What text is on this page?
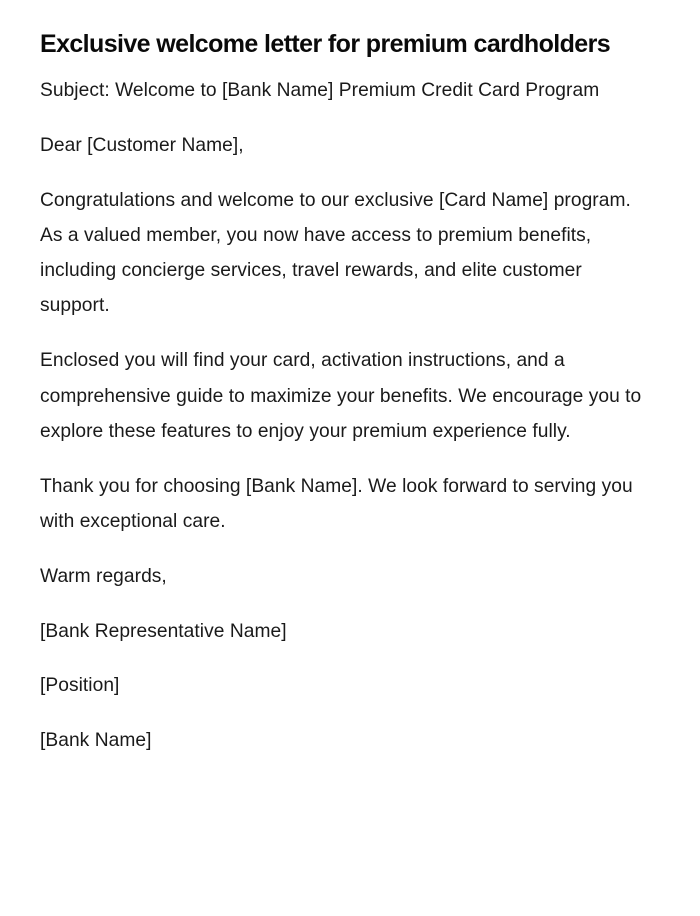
Exclusive welcome letter for premium cardholders

Subject: Welcome to [Bank Name] Premium Credit Card Program

Dear [Customer Name],

Congratulations and welcome to our exclusive [Card Name] program. As a valued member, you now have access to premium benefits, including concierge services, travel rewards, and elite customer support.

Enclosed you will find your card, activation instructions, and a comprehensive guide to maximize your benefits. We encourage you to explore these features to enjoy your premium experience fully.

Thank you for choosing [Bank Name]. We look forward to serving you with exceptional care.

Warm regards,

[Bank Representative Name]

[Position]

[Bank Name]
